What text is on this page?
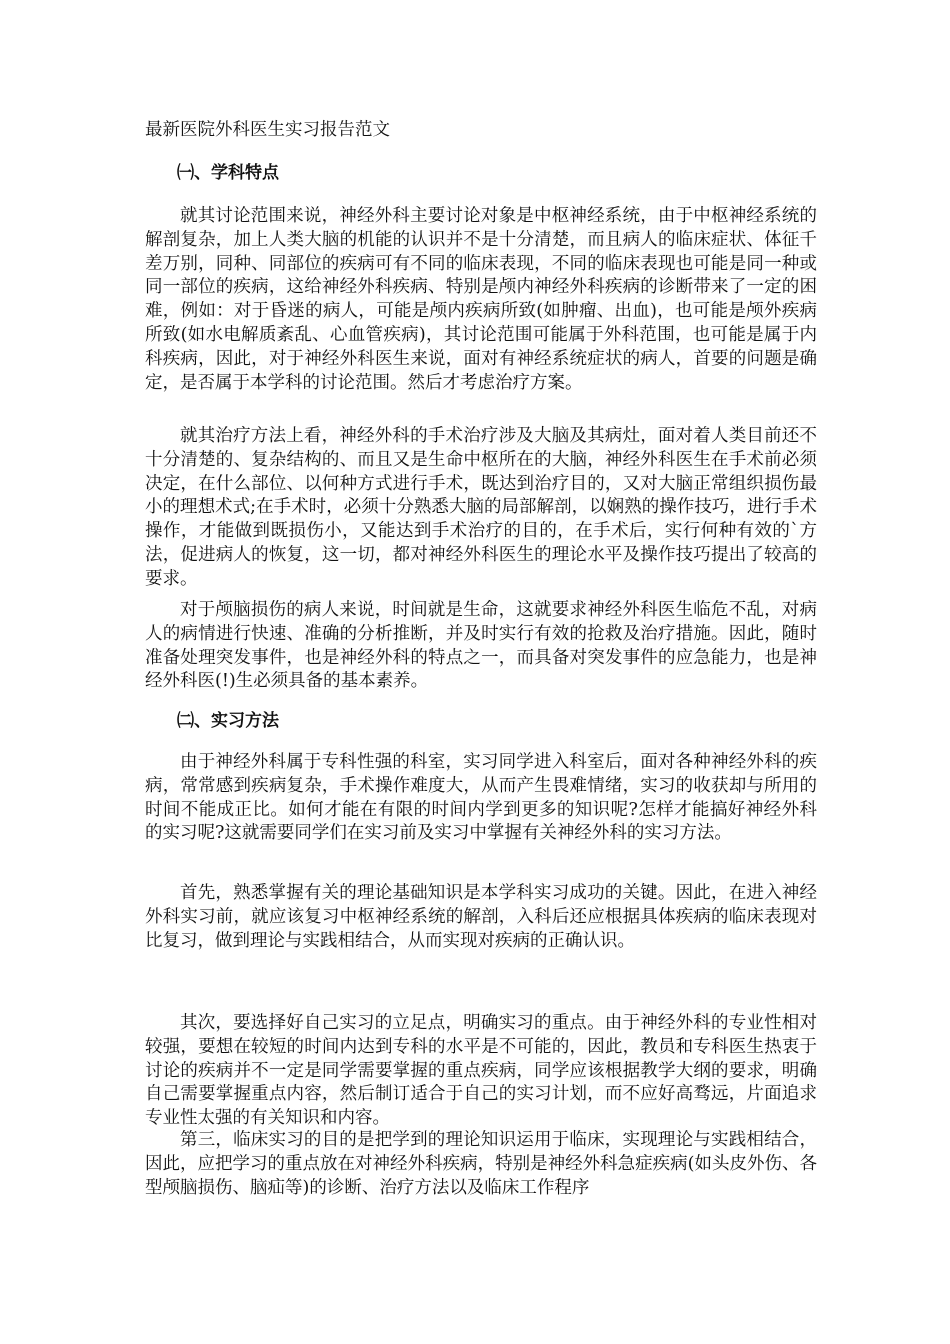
最新医院外科医生实习报告范文
㈠、学科特点

就其讨论范围来说，神经外科主要讨论对象是中枢神经系统，由于中枢神经系统的解剖复杂，加上人类大脑的机能的认识并不是十分清楚，而且病人的临床症状、体征千差万别，同种、同部位的疾病可有不同的临床表现，不同的临床表现也可能是同一种或同一部位的疾病，这给神经外科疾病、特别是颅内神经外科疾病的诊断带来了一定的困难，例如：对于昏迷的病人，可能是颅内疾病所致(如肿瘤、出血)，也可能是颅外疾病所致(如水电解质紊乱、心血管疾病)，其讨论范围可能属于外科范围，也可能是属于内科疾病，因此，对于神经外科医生来说，面对有神经系统症状的病人，首要的问题是确定，是否属于本学科的讨论范围。然后才考虑治疗方案。

就其治疗方法上看，神经外科的手术治疗涉及大脑及其病灶，面对着人类目前还不十分清楚的、复杂结构的、而且又是生命中枢所在的大脑，神经外科医生在手术前必须决定，在什么部位、以何种方式进行手术，既达到治疗目的，又对大脑正常组织损伤最小的理想术式;在手术时，必须十分熟悉大脑的局部解剖，以娴熟的操作技巧，进行手术操作，才能做到既损伤小，又能达到手术治疗的目的，在手术后，实行何种有效的`方法，促进病人的恢复，这一切，都对神经外科医生的理论水平及操作技巧提出了较高的要求。

对于颅脑损伤的病人来说，时间就是生命，这就要求神经外科医生临危不乱，对病人的病情进行快速、准确的分析推断，并及时实行有效的抢救及治疗措施。因此，随时准备处理突发事件，也是神经外科的特点之一，而具备对突发事件的应急能力，也是神经外科医(!)生必须具备的基本素养。

㈡、实习方法

由于神经外科属于专科性强的科室，实习同学进入科室后，面对各种神经外科的疾病，常常感到疾病复杂，手术操作难度大，从而产生畏难情绪，实习的收获却与所用的时间不能成正比。如何才能在有限的时间内学到更多的知识呢?怎样才能搞好神经外科的实习呢?这就需要同学们在实习前及实习中掌握有关神经外科的实习方法。

首先，熟悉掌握有关的理论基础知识是本学科实习成功的关键。因此，在进入神经外科实习前，就应该复习中枢神经系统的解剖，入科后还应根据具体疾病的临床表现对比复习，做到理论与实践相结合，从而实现对疾病的正确认识。

其次，要选择好自己实习的立足点，明确实习的重点。由于神经外科的专业性相对较强，要想在较短的时间内达到专科的水平是不可能的，因此，教员和专科医生热衷于讨论的疾病并不一定是同学需要掌握的重点疾病，同学应该根据教学大纲的要求，明确自己需要掌握重点内容，然后制订适合于自己的实习计划，而不应好高骛远，片面追求专业性太强的有关知识和内容。

第三，临床实习的目的是把学到的理论知识运用于临床，实现理论与实践相结合，因此，应把学习的重点放在对神经外科疾病，特别是神经外科急症疾病(如头皮外伤、各型颅脑损伤、脑疝等)的诊断、治疗方法以及临床工作程序
